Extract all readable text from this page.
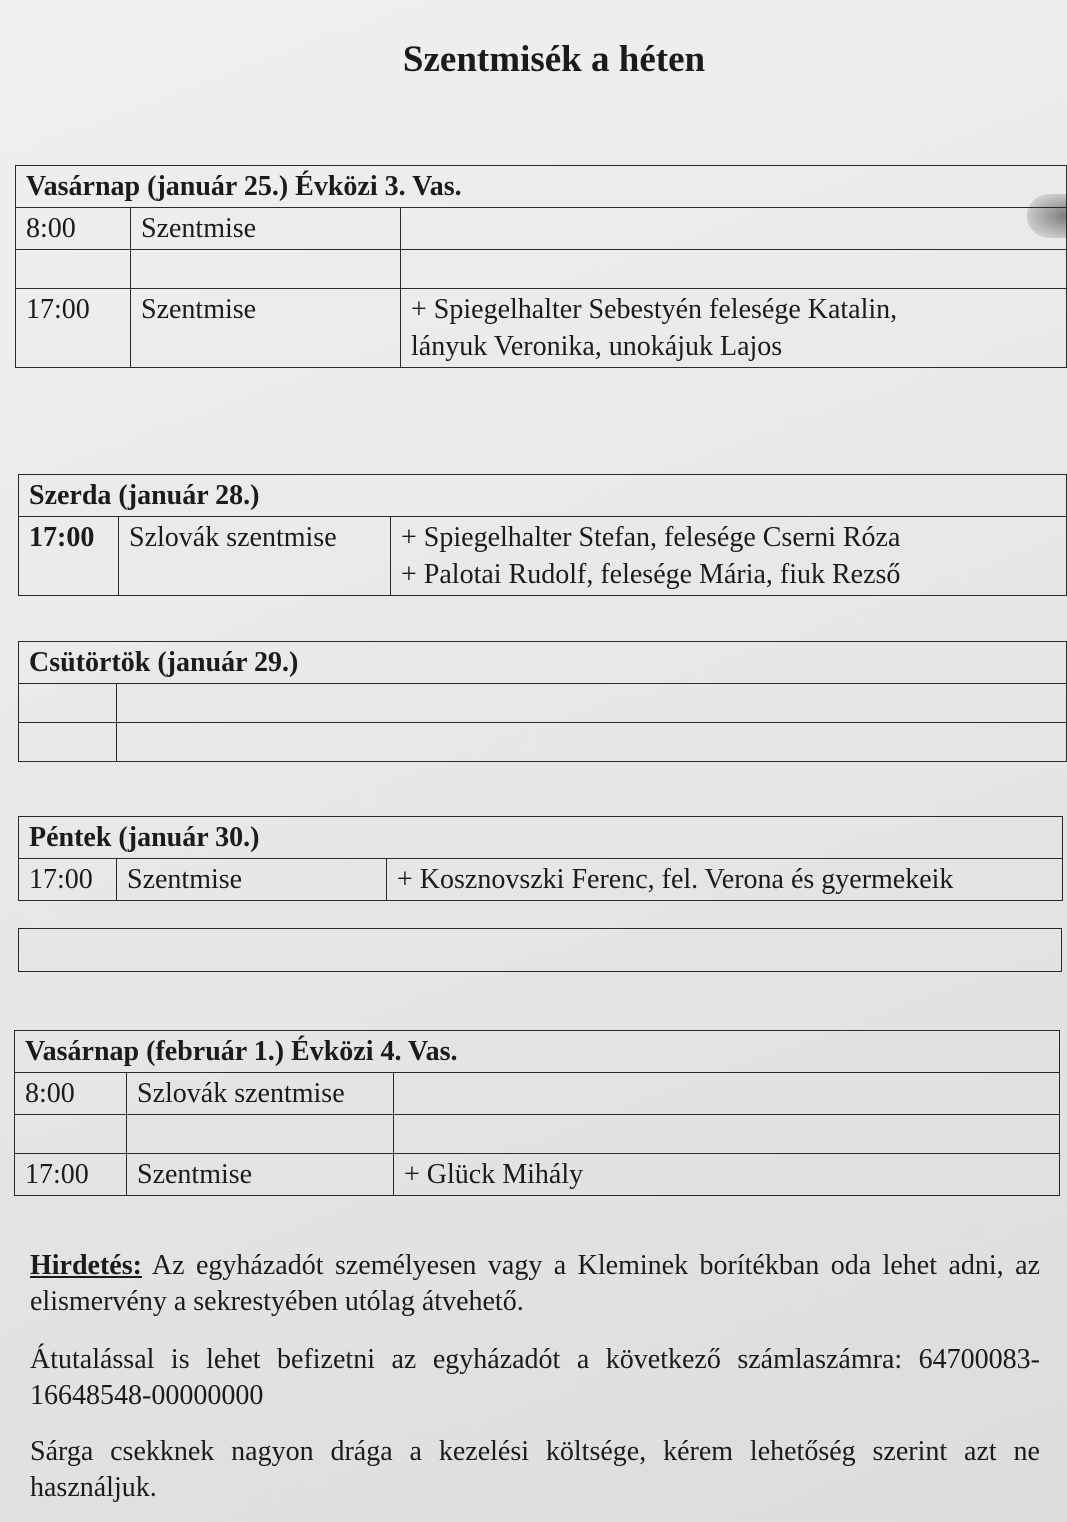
Szentmisék a héten
Vasárnap (január 25.) Évközi 3. Vas.		
8:00	Szentmise	

17:00	Szentmise	+ Spiegelhalter Sebestyén felesége Katalin,
lányuk Veronika, unokájuk Lajos
Szerda (január 28.)
17:00	Szlovák szentmise	+ Spiegelhalter Stefan, felesége Cserni Róza
+ Palotai Rudolf, felesége Mária, fiuk Rezső
Csütörtök (január 29.)	

Péntek (január 30.)
17:00	Szentmise	+ Kosznovszki Ferenc, fel. Verona és gyermekeik
Vasárnap (február 1.) Évközi 4. Vas.		
8:00	Szlovák szentmise	

17:00	Szentmise	+ Glück Mihály
Hirdetés: Az egyházadót személyesen vagy a Kleminek borítékban oda lehet adni, az elismervény a sekrestyében utólag átvehető.
Átutalással is lehet befizetni az egyházadót a következő számlaszámra: 64700083-16648548-00000000
Sárga csekknek nagyon drága a kezelési költsége, kérem lehetőség szerint azt ne használjuk.
